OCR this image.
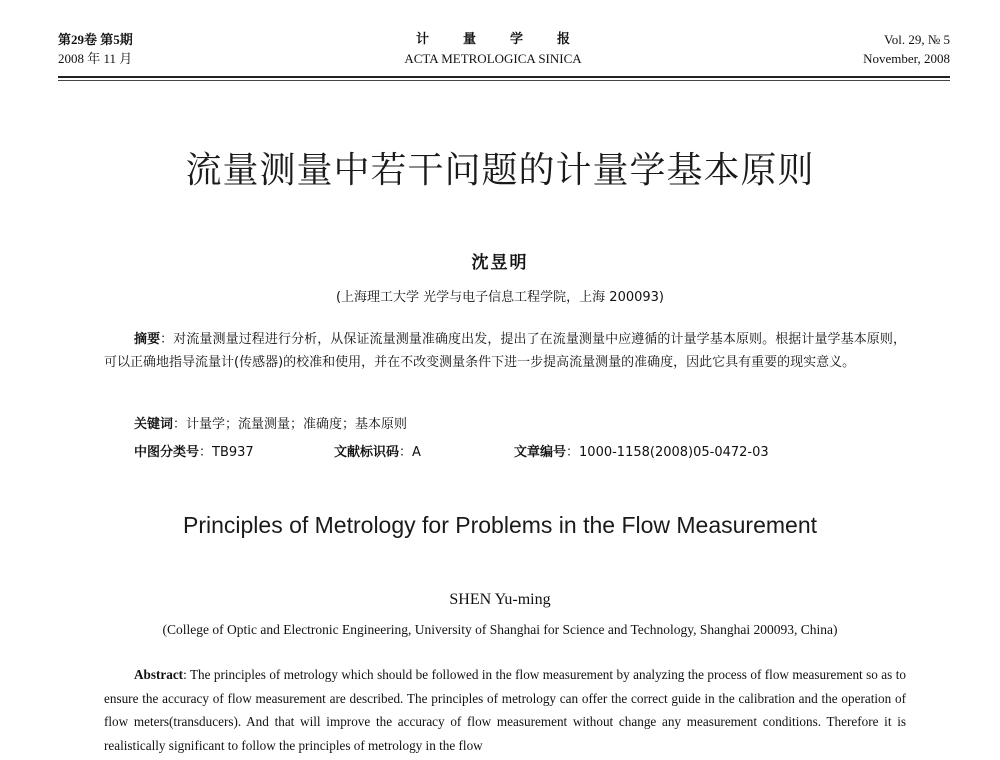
第29卷 第5期
2008 年 11 月
计量学报
ACTA METROLOGICA SINICA
Vol. 29, № 5
November, 2008
流量测量中若干问题的计量学基本原则
沈昱明
(上海理工大学 光学与电子信息工程学院，上海 200093)
摘要：对流量测量过程进行分析，从保证流量测量准确度出发，提出了在流量测量中应遵循的计量学基本原则。根据计量学基本原则，可以正确地指导流量计(传感器)的校准和使用，并在不改变测量条件下进一步提高流量测量的准确度，因此它具有重要的现实意义。
关键词：计量学；流量测量；准确度；基本原则
中图分类号：TB937	文献标识码：A	文章编号：1000-1158(2008)05-0472-03
Principles of Metrology for Problems in the Flow Measurement
SHEN Yu-ming
(College of Optic and Electronic Engineering, University of Shanghai for Science and Technology, Shanghai 200093, China)
Abstract: The principles of metrology which should be followed in the flow measurement by analyzing the process of flow measurement so as to ensure the accuracy of flow measurement are described. The principles of metrology can offer the correct guide in the calibration and the operation of flow meters(transducers). And that will improve the accuracy of flow measurement without change any measurement conditions. Therefore it is realistically significant to follow the principles of metrology in the flow
